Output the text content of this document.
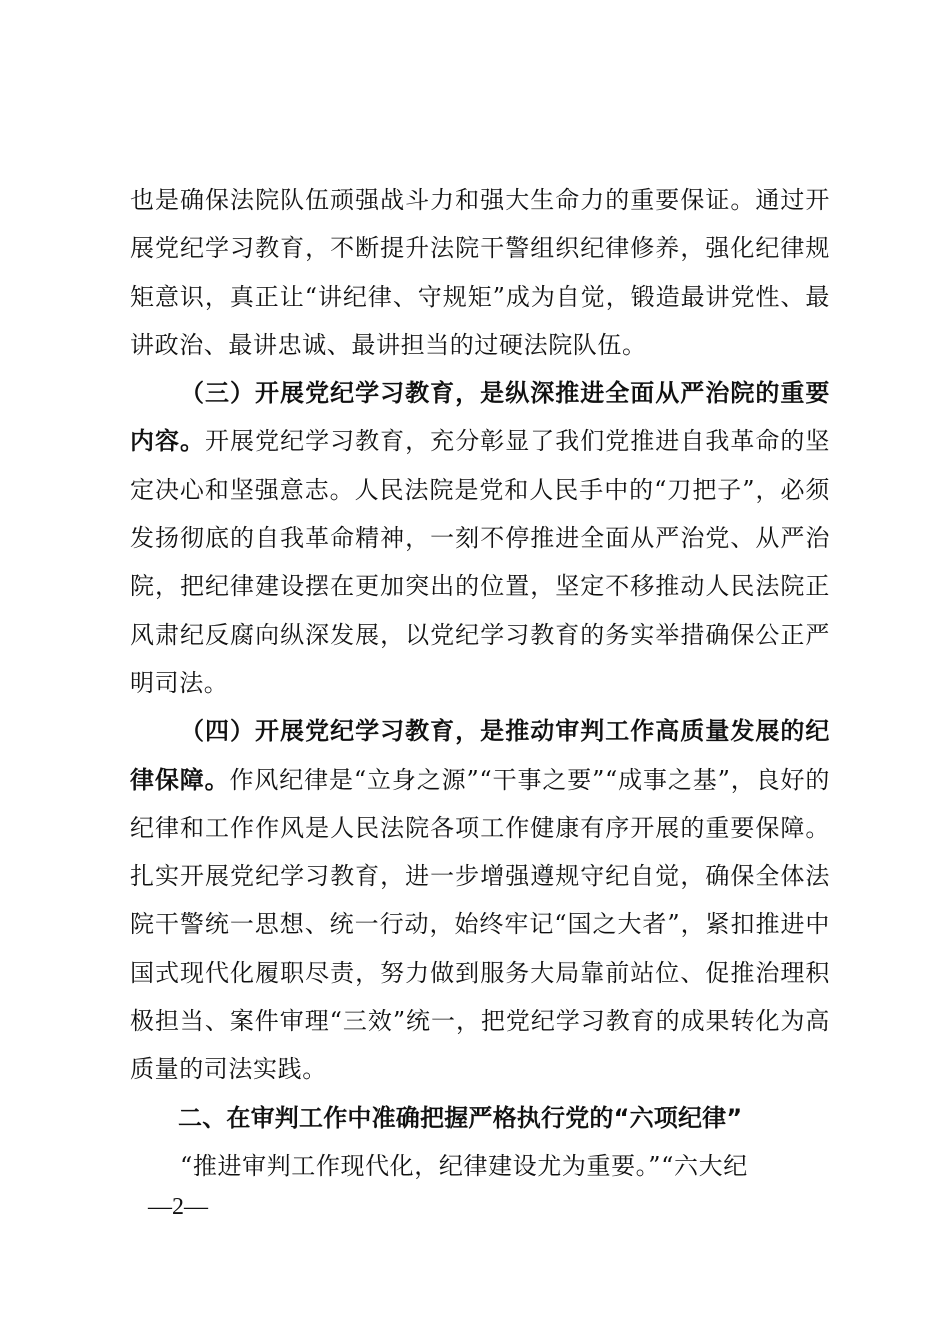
也是确保法院队伍顽强战斗力和强大生命力的重要保证。通过开展党纪学习教育，不断提升法院干警组织纪律修养，强化纪律规矩意识，真正让“讲纪律、守规矩”成为自觉，锻造最讲党性、最讲政治、最讲忠诚、最讲担当的过硬法院队伍。

（三）开展党纪学习教育，是纵深推进全面从严治院的重要内容。开展党纪学习教育，充分彰显了我们党推进自我革命的坚定决心和坚强意志。人民法院是党和人民手中的“刀把子”，必须发扬彻底的自我革命精神，一刻不停推进全面从严治党、从严治院，把纪律建设摆在更加突出的位置，坚定不移推动人民法院正风肃纪反腐向纵深发展，以党纪学习教育的务实举措确保公正严明司法。

（四）开展党纪学习教育，是推动审判工作高质量发展的纪律保障。作风纪律是“立身之源”“干事之要”“成事之基”，良好的纪律和工作作风是人民法院各项工作健康有序开展的重要保障。扎实开展党纪学习教育，进一步增强遵规守纪自觉，确保全体法院干警统一思想、统一行动，始终牢记“国之大者”，紧扣推进中国式现代化履职尽责，努力做到服务大局靠前站位、促推治理积极担当、案件审理“三效”统一，把党纪学习教育的成果转化为高质量的司法实践。

二、在审判工作中准确把握严格执行党的“六项纪律”

“推进审判工作现代化，纪律建设尤为重要。”“六大纪

—2—
